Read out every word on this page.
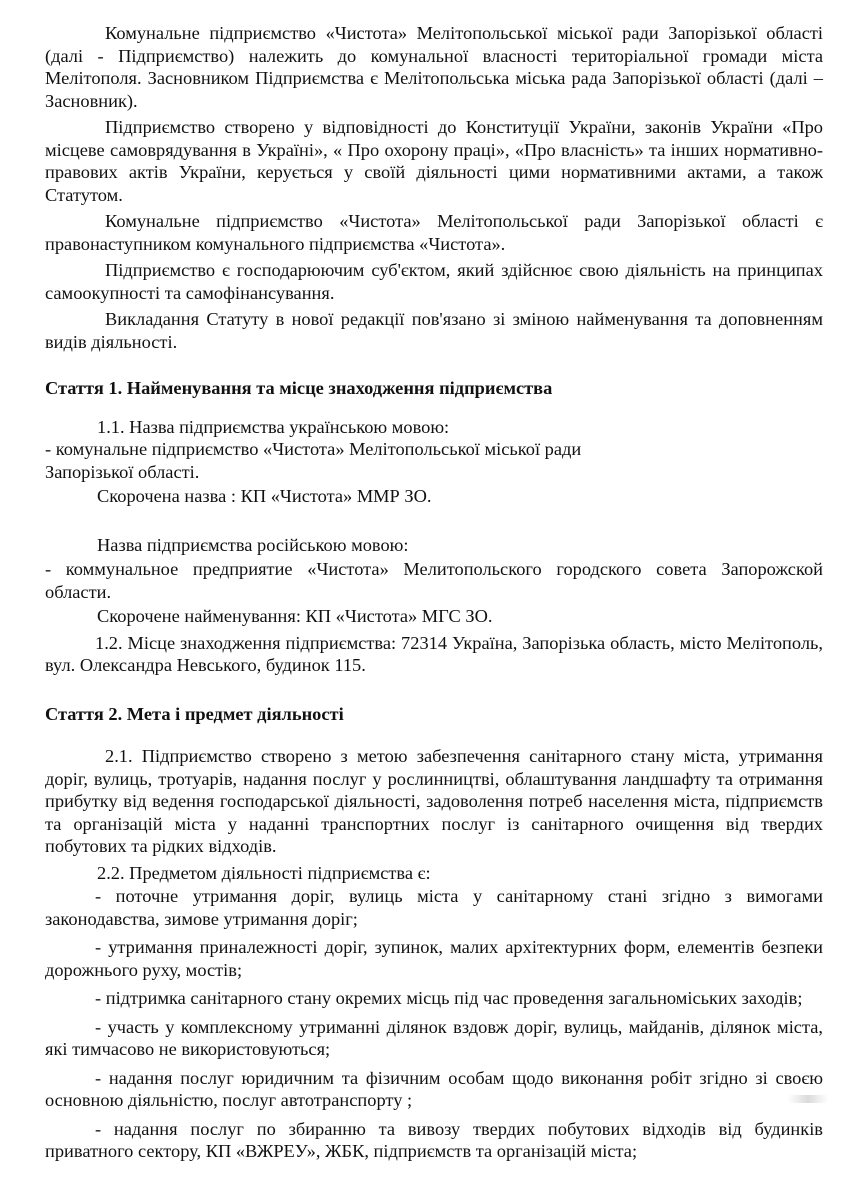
Комунальне підприємство «Чистота» Мелітопольської міської ради Запорізької області (далі - Підприємство) належить до комунальної власності територіальної громади міста Мелітополя. Засновником Підприємства є Мелітопольська міська рада Запорізької області (далі – Засновник).

Підприємство створено у відповідності до Конституції України, законів України «Про місцеве самоврядування в Україні», « Про охорону праці», «Про власність» та інших нормативно-правових актів України, керується у своїй діяльності цими нормативними актами, а також Статутом.

Комунальне підприємство «Чистота» Мелітопольської ради Запорізької області є правонаступником комунального підприємства «Чистота».

Підприємство є господарюючим суб'єктом, який здійснює свою діяльність на принципах самоокупності та самофінансування.

Викладання Статуту в нової редакції пов'язано зі зміною найменування та доповненням видів діяльності.

Стаття 1. Найменування та місце знаходження підприємства

1.1. Назва підприємства українською мовою:

- комунальне підприємство «Чистота» Мелітопольської міської ради

Запорізької області.

Скорочена назва : КП «Чистота» ММР ЗО.

Назва підприємства російською мовою:

- коммунальное предприятие «Чистота» Мелитопольского городского совета Запорожской области.

Скорочене найменування: КП «Чистота» МГС ЗО.

1.2. Місце знаходження підприємства: 72314 Україна, Запорізька область, місто Мелітополь, вул. Олександра Невського, будинок 115.

Стаття 2. Мета і предмет діяльності

2.1. Підприємство створено з метою забезпечення санітарного стану міста, утримання доріг, вулиць, тротуарів, надання послуг у рослинництві, облаштування ландшафту та отримання прибутку від ведення господарської діяльності, задоволення потреб населення міста, підприємств та організацій міста у наданні транспортних послуг із санітарного очищення від твердих побутових та рідких відходів.

2.2. Предметом діяльності підприємства є:

- поточне утримання доріг, вулиць міста у санітарному стані згідно з вимогами законодавства, зимове утримання доріг;

- утримання приналежності доріг, зупинок, малих архітектурних форм, елементів безпеки дорожнього руху, мостів;

- підтримка санітарного стану окремих місць під час проведення загальноміських заходів;

- участь у комплексному утриманні ділянок вздовж доріг, вулиць, майданів, ділянок міста, які тимчасово не використовуються;

- надання послуг юридичним та фізичним особам щодо виконання робіт згідно зі своєю основною діяльністю, послуг автотранспорту ;

- надання послуг по збиранню та вивозу твердих побутових відходів від будинків приватного сектору, КП «ВЖРЕУ», ЖБК, підприємств та організацій міста;
